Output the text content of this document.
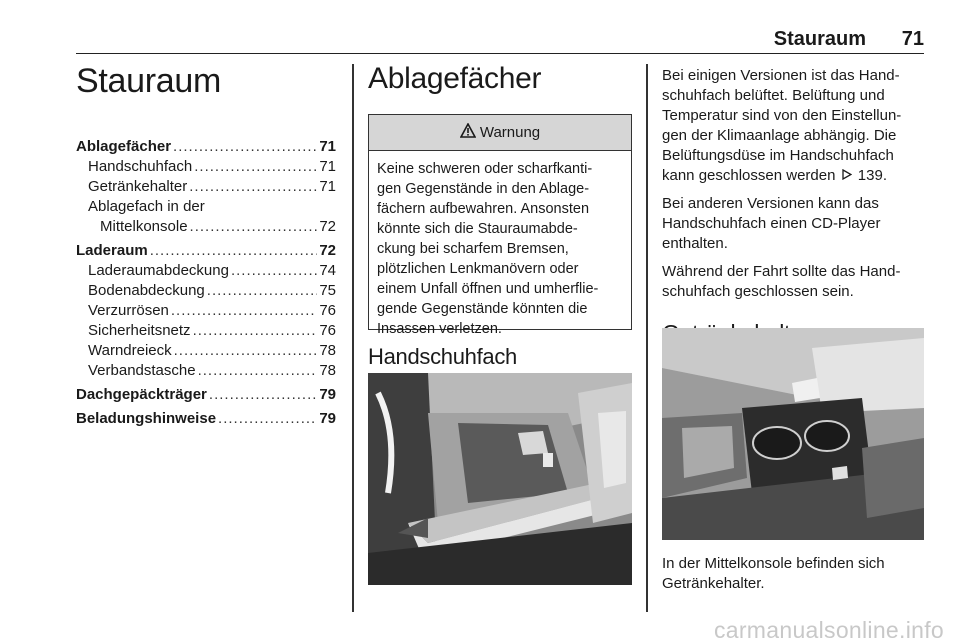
Stauraum 71
Stauraum
Ablagefächer .....	71
Handschuhfach .....	71
Getränkehalter .....	71
Ablagefach in der
Mittelkonsole .....	72
Laderaum .....	72
Laderaumabdeckung .....	74
Bodenabdeckung .....	75
Verzurrösen .....	76
Sicherheitsnetz .....	76
Warndreieck .....	78
Verbandstasche .....	78
Dachgepäckträger .....	79
Beladungshinweise .....	79
Ablagefächer
Warnung
Keine schweren oder scharfkanti-
gen Gegenstände in den Ablage-
fächern aufbewahren. Ansonsten
könnte sich die Stauraumabde-
ckung bei scharfem Bremsen,
plötzlichen Lenkmanövern oder
einem Unfall öffnen und umherflie-
gende Gegenstände könnten die
Insassen verletzen.
Handschuhfach
Bei einigen Versionen ist das Hand-
schuhfach belüftet. Belüftung und
Temperatur sind von den Einstellun-
gen der Klimaanlage abhängig. Die
Belüftungsdüse im Handschuhfach
kann geschlossen werden 139.
Bei anderen Versionen kann das
Handschuhfach einen CD-Player
enthalten.
Während der Fahrt sollte das Hand-
schuhfach geschlossen sein.
In der Mittelkonsole befinden sich
Getränkehalter.
carmanualsonline.info
